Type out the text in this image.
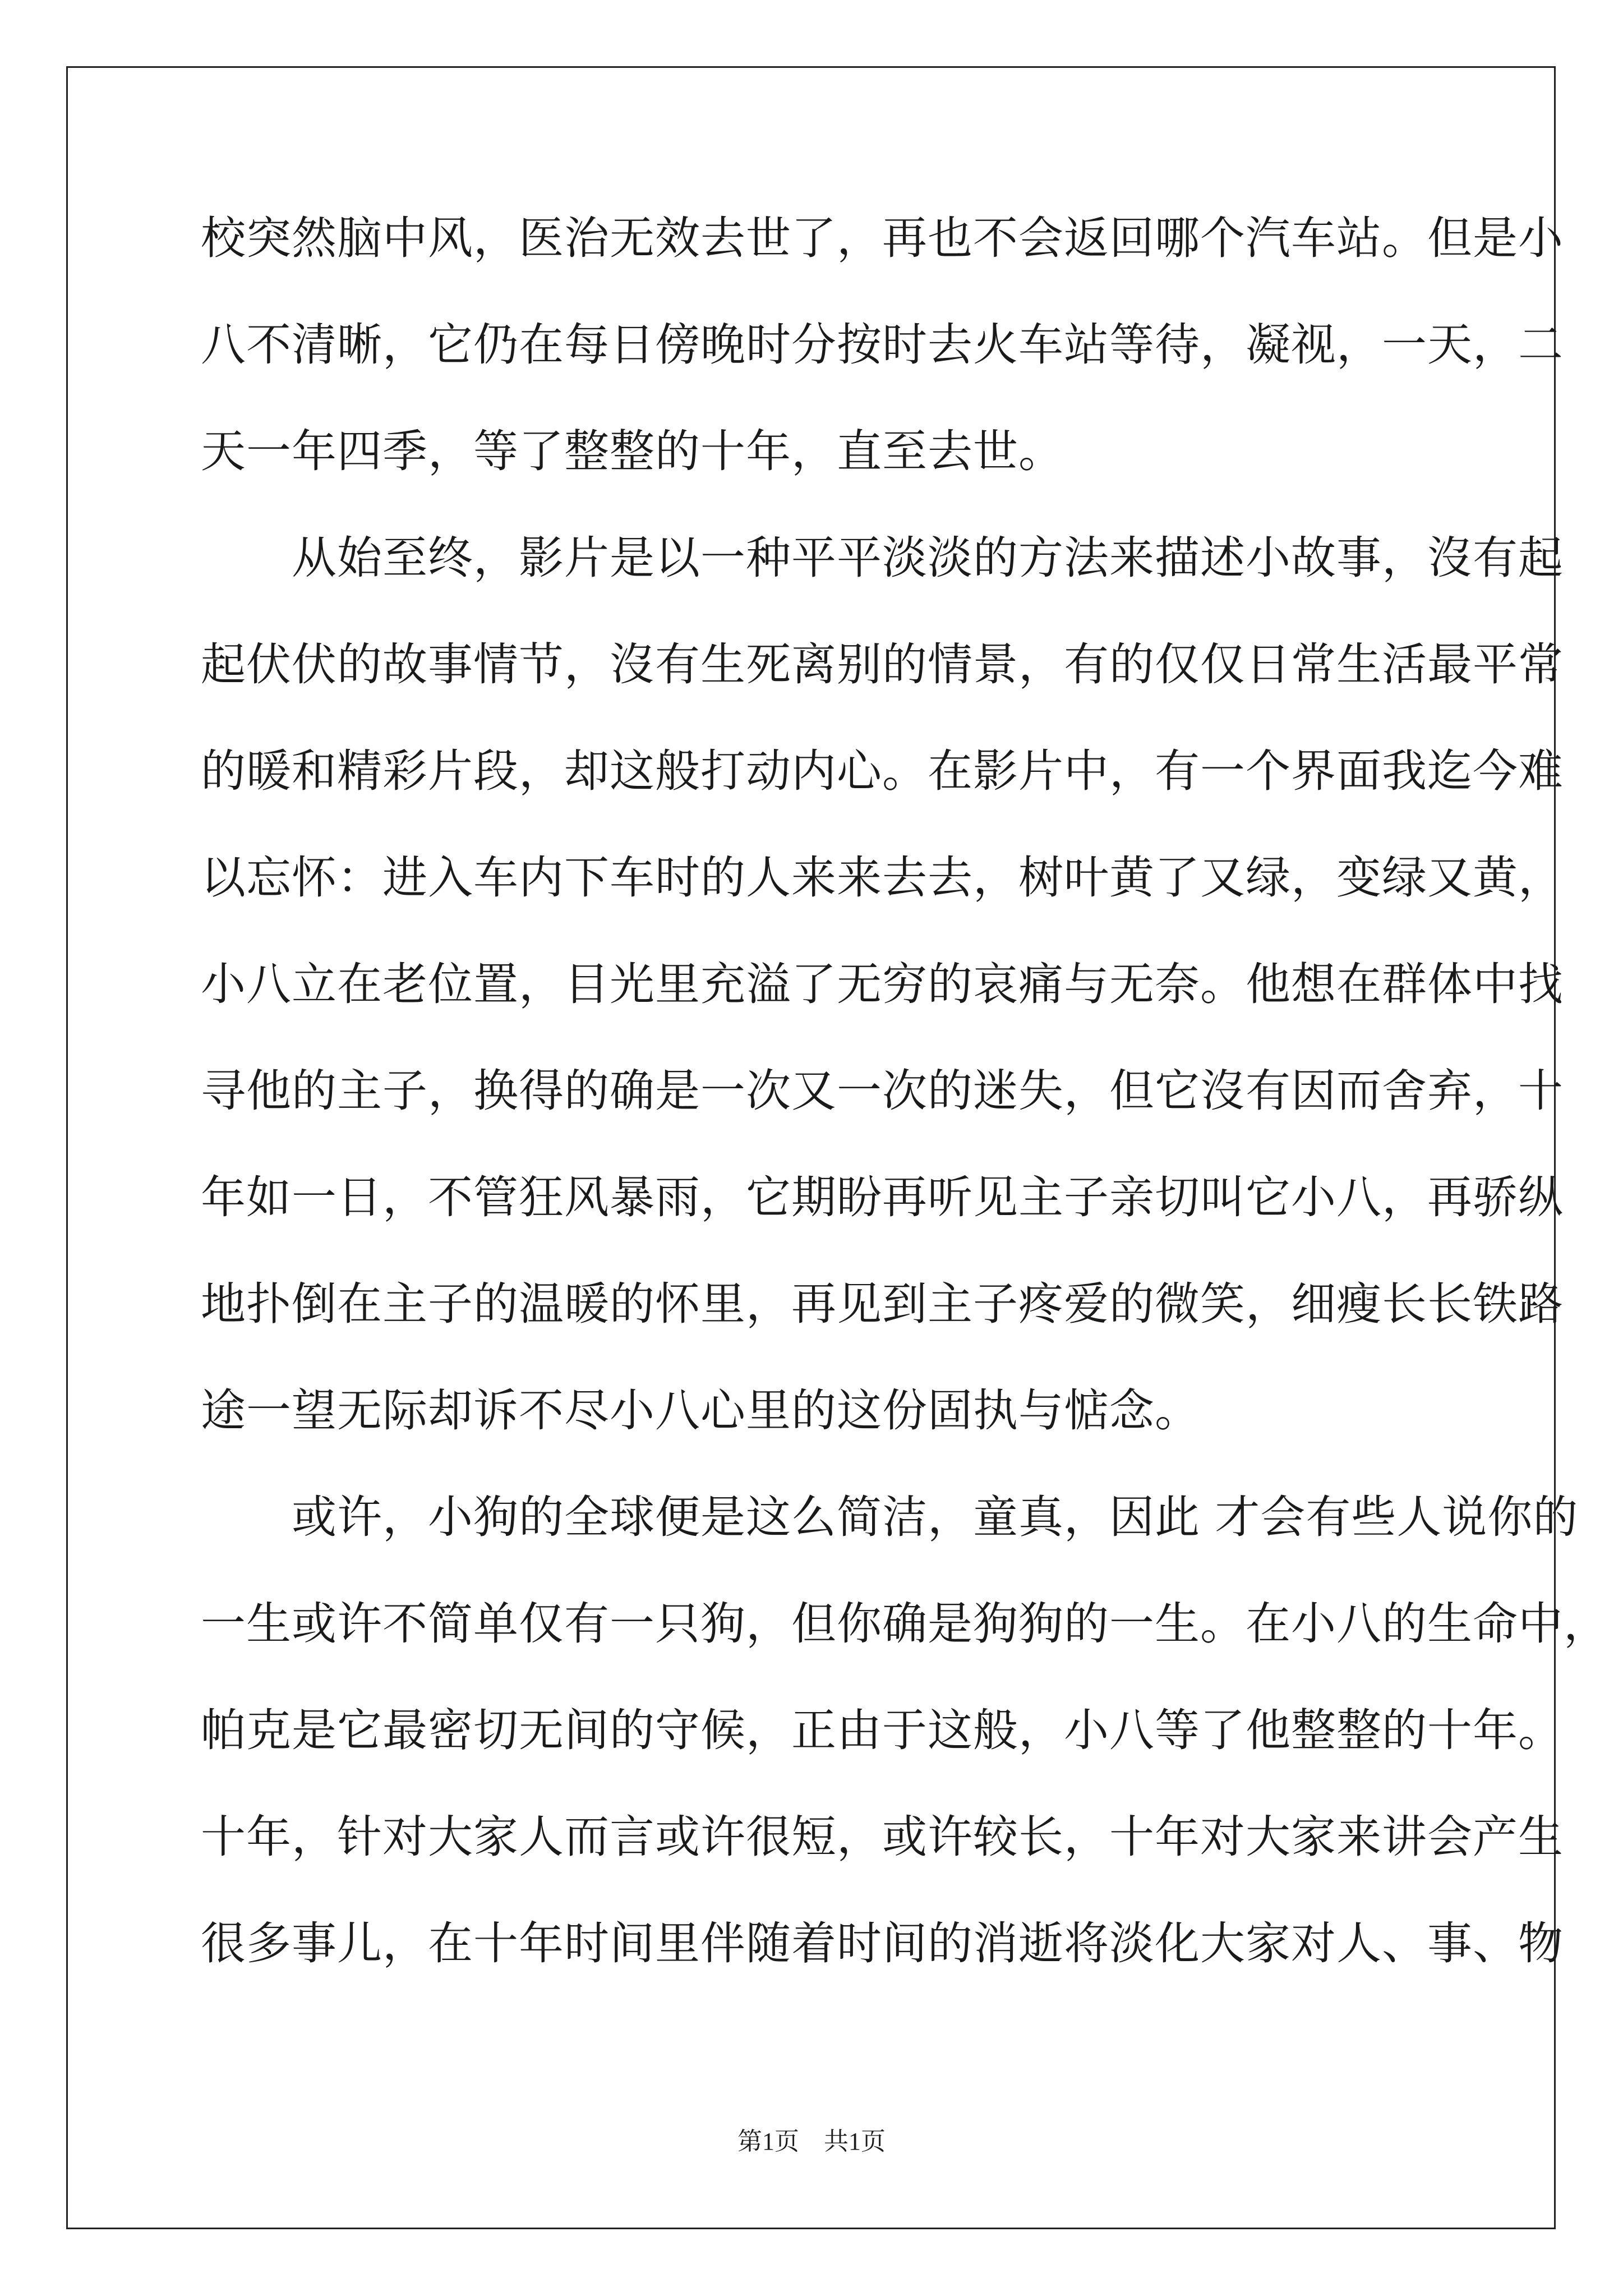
校突然脑中风，医治无效去世了，再也不会返回哪个汽车站。但是小
八不清晰，它仍在每日傍晚时分按时去火车站等待，凝视，一天，二
天一年四季，等了整整的十年，直至去世。
　　从始至终，影片是以一种平平淡淡的方法来描述小故事，沒有起
起伏伏的故事情节，沒有生死离别的情景，有的仅仅日常生活最平常
的暖和精彩片段，却这般打动内心。在影片中，有一个界面我迄今难
以忘怀：进入车内下车时的人来来去去，树叶黄了又绿，变绿又黄，
小八立在老位置，目光里充溢了无穷的哀痛与无奈。他想在群体中找
寻他的主子，换得的确是一次又一次的迷失，但它沒有因而舍弃，十
年如一日，不管狂风暴雨，它期盼再听见主子亲切叫它小八，再骄纵
地扑倒在主子的温暖的怀里，再见到主子疼爱的微笑，细瘦长长铁路
途一望无际却诉不尽小八心里的这份固执与惦念。
　　或许，小狗的全球便是这么简洁，童真，因此 才会有些人说你的
一生或许不简单仅有一只狗，但你确是狗狗的一生。在小八的生命中，
帕克是它最密切无间的守候，正由于这般，小八等了他整整的十年。
十年，针对大家人而言或许很短，或许较长，十年对大家来讲会产生
很多事儿，在十年时间里伴随着时间的消逝将淡化大家对人、事、物
第1页　共1页
